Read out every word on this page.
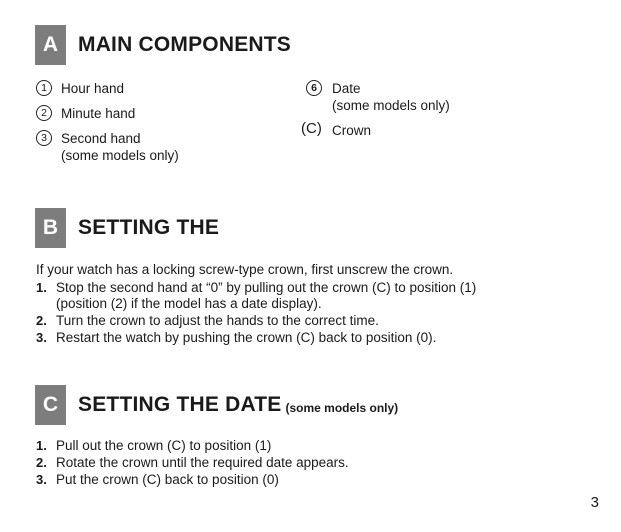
A MAIN COMPONENTS
1	Hour hand
2	Minute hand
3	Second hand
(some models only)
6	Date
(some models only)
(C) Crown
B SETTING THE
If your watch has a locking screw-type crown, first unscrew the crown.
1. Stop the second hand at “0” by pulling out the crown (C) to position (1)
(position (2) if the model has a date display).
2. Turn the crown to adjust the hands to the correct time.
3. Restart the watch by pushing the crown (C) back to position (0).
C SETTING THE DATE (some models only)
1. Pull out the crown (C) to position (1)
2. Rotate the crown until the required date appears.
3. Put the crown (C) back to position (0)
3
